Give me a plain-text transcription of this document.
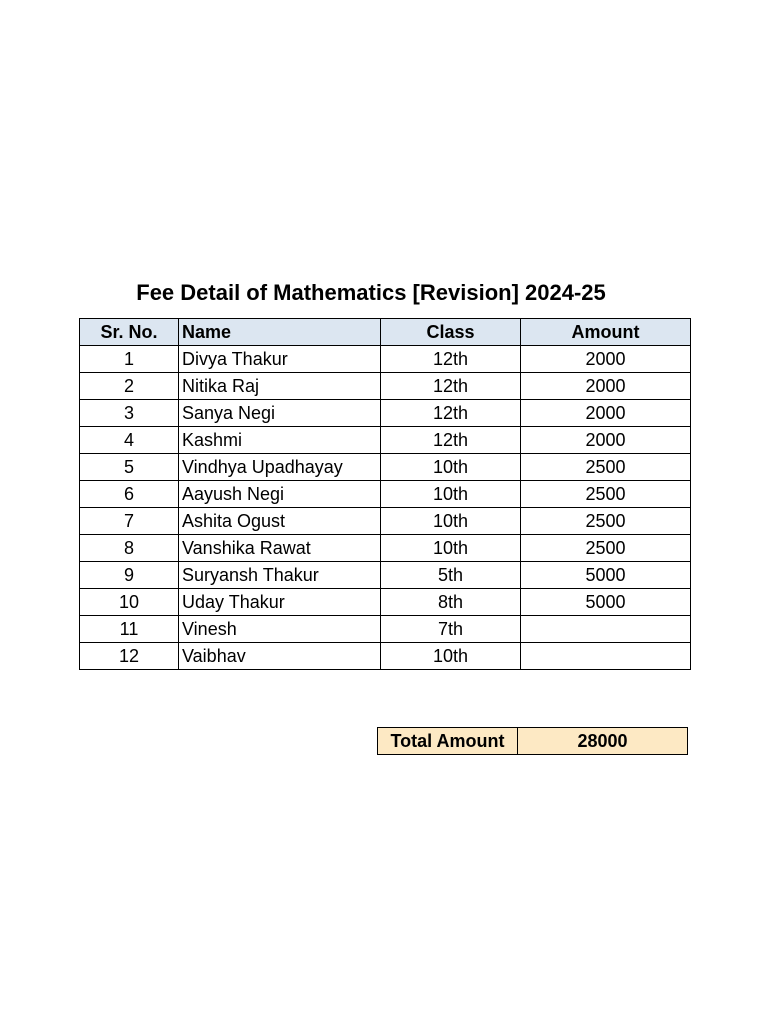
Fee Detail of Mathematics [Revision] 2024-25
Sr. No.	Name	Class	Amount
1	Divya Thakur	12th	2000
2	Nitika Raj	12th	2000
3	Sanya Negi	12th	2000
4	Kashmi	12th	2000
5	Vindhya Upadhayay	10th	2500
6	Aayush Negi	10th	2500
7	Ashita Ogust	10th	2500
8	Vanshika Rawat	10th	2500
9	Suryansh Thakur	5th	5000
10	Uday Thakur	8th	5000
11	Vinesh	7th	
12	Vaibhav	10th	
Total Amount	28000
